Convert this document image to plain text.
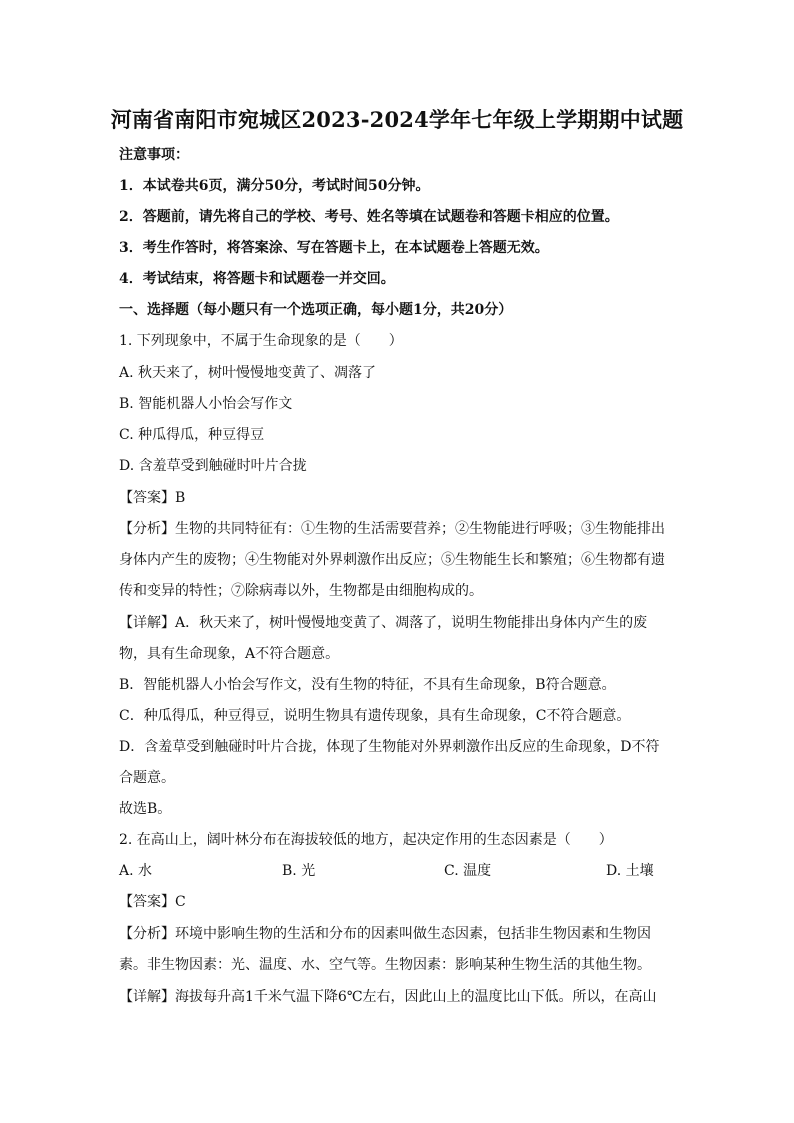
河南省南阳市宛城区2023-2024学年七年级上学期期中试题
注意事项：
1．本试卷共6页，满分50分，考试时间50分钟。
2．答题前，请先将自己的学校、考号、姓名等填在试题卷和答题卡相应的位置。
3．考生作答时，将答案涂、写在答题卡上，在本试题卷上答题无效。
4．考试结束，将答题卡和试题卷一并交回。
一、选择题（每小题只有一个选项正确，每小题1分，共20分）
1. 下列现象中，不属于生命现象的是（　　）
A. 秋天来了，树叶慢慢地变黄了、凋落了
B. 智能机器人小怡会写作文
C. 种瓜得瓜，种豆得豆
D. 含羞草受到触碰时叶片合拢
【答案】B
【分析】生物的共同特征有：①生物的生活需要营养；②生物能进行呼吸；③生物能排出
身体内产生的废物；④生物能对外界刺激作出反应；⑤生物能生长和繁殖；⑥生物都有遗
传和变异的特性；⑦除病毒以外，生物都是由细胞构成的。
【详解】A．秋天来了，树叶慢慢地变黄了、凋落了，说明生物能排出身体内产生的废
物，具有生命现象，A不符合题意。
B．智能机器人小怡会写作文，没有生物的特征，不具有生命现象，B符合题意。
C．种瓜得瓜，种豆得豆，说明生物具有遗传现象，具有生命现象，C不符合题意。
D．含羞草受到触碰时叶片合拢，体现了生物能对外界刺激作出反应的生命现象，D不符
合题意。
故选B。
2. 在高山上，阔叶林分布在海拔较低的地方，起决定作用的生态因素是（　　）
A. 水	B. 光	C. 温度	D. 土壤
【答案】C
【分析】环境中影响生物的生活和分布的因素叫做生态因素，包括非生物因素和生物因
素。非生物因素：光、温度、水、空气等。生物因素：影响某种生物生活的其他生物。
【详解】海拔每升高1千米气温下降6℃左右，因此山上的温度比山下低。所以，在高山
